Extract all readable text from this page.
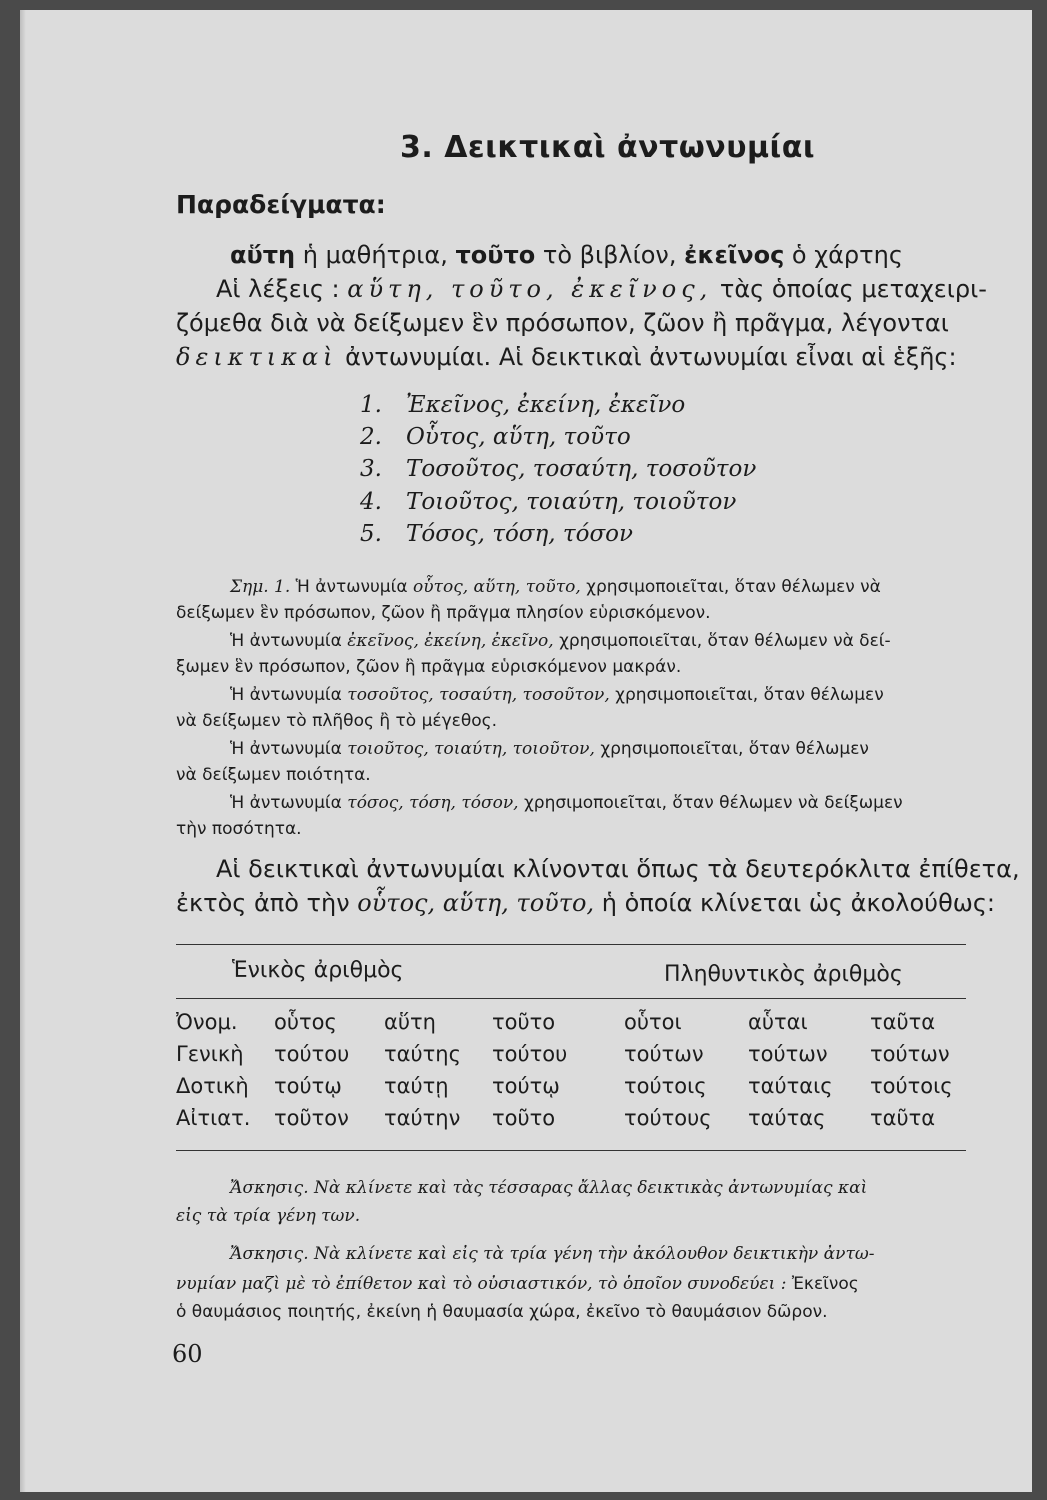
3. Δεικτικαὶ ἀντωνυμίαι
Παραδείγματα:
αὕτη ἡ μαθήτρια, τοῦτο τὸ βιβλίον, ἐκεῖνος ὁ χάρτης
Αἱ λέξεις : αὕτη, τοῦτο, ἐκεῖνος, τὰς ὁποίας μεταχειρι-
ζόμεθα διὰ νὰ δείξωμεν ἓν πρόσωπον, ζῶον ἢ πρᾶγμα, λέγονται
δεικτικαὶ ἀντωνυμίαι. Αἱ δεικτικαὶ ἀντωνυμίαι εἶναι αἱ ἑξῆς:
1. Ἐκεῖνος, ἐκείνη, ἐκεῖνο
2. Οὗτος, αὕτη, τοῦτο
3. Τοσοῦτος, τοσαύτη, τοσοῦτον
4. Τοιοῦτος, τοιαύτη, τοιοῦτον
5. Τόσος, τόση, τόσον
Σημ. 1. Ἡ ἀντωνυμία οὗτος, αὕτη, τοῦτο, χρησιμοποιεῖται, ὅταν θέλωμεν νὰ
δείξωμεν ἓν πρόσωπον, ζῶον ἢ πρᾶγμα πλησίον εὑρισκόμενον.
Ἡ ἀντωνυμία ἐκεῖνος, ἐκείνη, ἐκεῖνο, χρησιμοποιεῖται, ὅταν θέλωμεν νὰ δεί-
ξωμεν ἓν πρόσωπον, ζῶον ἢ πρᾶγμα εὑρισκόμενον μακράν.
Ἡ ἀντωνυμία τοσοῦτος, τοσαύτη, τοσοῦτον, χρησιμοποιεῖται, ὅταν θέλωμεν
νὰ δείξωμεν τὸ πλῆθος ἢ τὸ μέγεθος.
Ἡ ἀντωνυμία τοιοῦτος, τοιαύτη, τοιοῦτον, χρησιμοποιεῖται, ὅταν θέλωμεν
νὰ δείξωμεν ποιότητα.
Ἡ ἀντωνυμία τόσος, τόση, τόσον, χρησιμοποιεῖται, ὅταν θέλωμεν νὰ δείξωμεν
τὴν ποσότητα.
Αἱ δεικτικαὶ ἀντωνυμίαι κλίνονται ὅπως τὰ δευτερόκλιτα ἐπίθετα,
ἐκτὸς ἀπὸ τὴν οὗτος, αὕτη, τοῦτο, ἡ ὁποία κλίνεται ὡς ἀκολούθως:
Ἑνικὸς ἀριθμὸς	Πληθυντικὸς ἀριθμὸς
Ὀνομ. οὗτος αὕτη	τοῦτο	οὗτοι	αὗται	ταῦτα
Γενικὴ τούτου ταύτης τούτου	τούτων τούτων τούτων
Δοτικὴ τούτῳ ταύτῃ τούτῳ	τούτοις ταύταις τούτοις
Αἰτιατ. τοῦτον ταύτην τοῦτο	τούτους ταύτας ταῦτα
Ἄσκησις. Νὰ κλίνετε καὶ τὰς τέσσαρας ἄλλας δεικτικὰς ἀντωνυμίας καὶ
εἰς τὰ τρία γένη των.
Ἄσκησις. Νὰ κλίνετε καὶ εἰς τὰ τρία γένη τὴν ἀκόλουθον δεικτικὴν ἀντω-
νυμίαν μαζὶ μὲ τὸ ἐπίθετον καὶ τὸ οὐσιαστικόν, τὸ ὁποῖον συνοδεύει : Ἐκεῖνος
ὁ θαυμάσιος ποιητής, ἐκείνη ἡ θαυμασία χώρα, ἐκεῖνο τὸ θαυμάσιον δῶρον.
60
